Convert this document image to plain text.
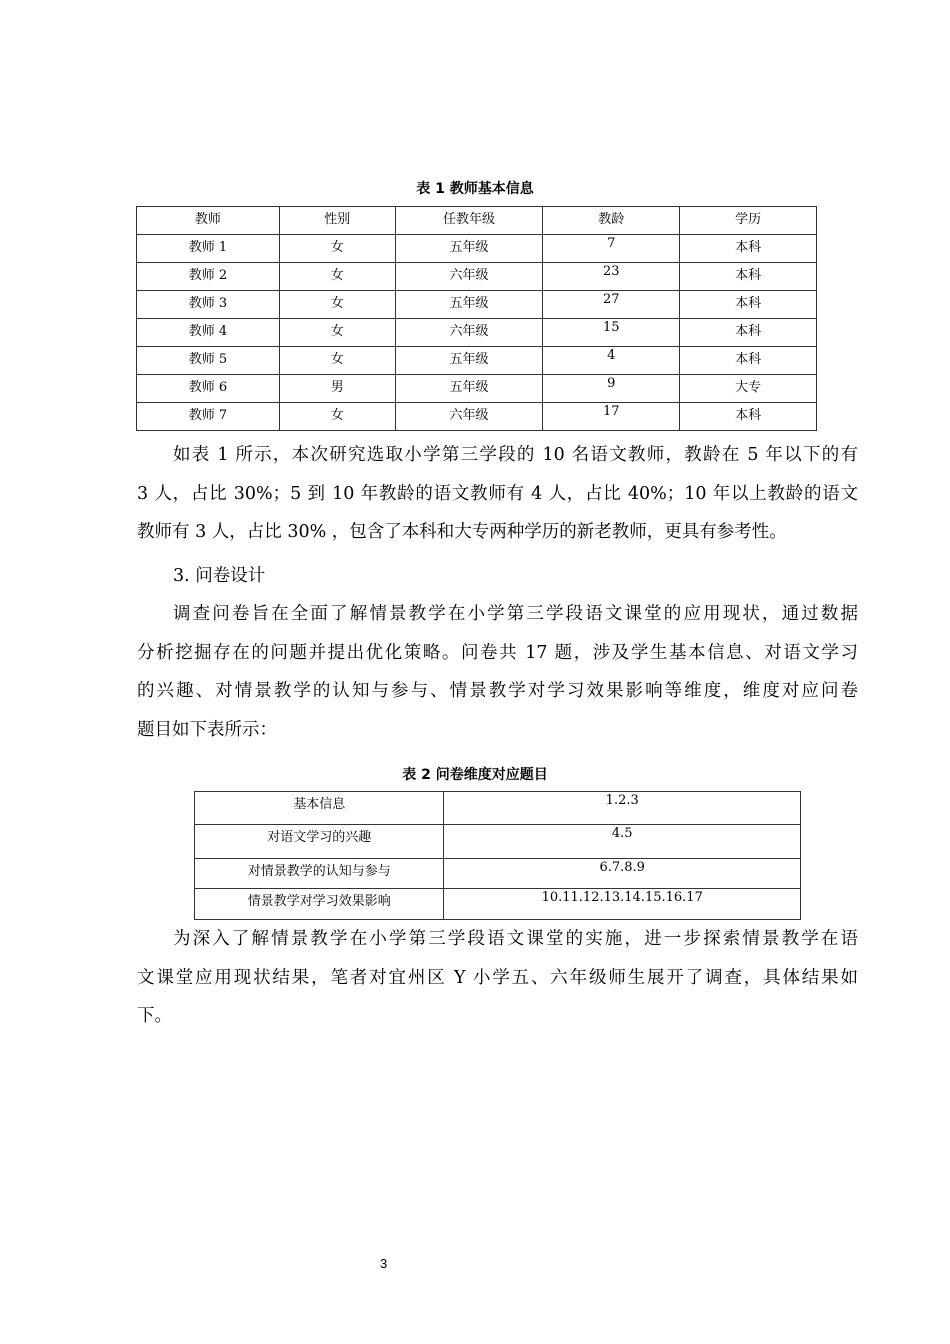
表 1 教师基本信息
教师	性别	任教年级	教龄	学历
教师 1	女	五年级	7	本科
教师 2	女	六年级	23	本科
教师 3	女	五年级	27	本科
教师 4	女	六年级	15	本科
教师 5	女	五年级	4	本科
教师 6	男	五年级	9	大专
教师 7	女	六年级	17	本科
如表 1 所示，本次研究选取小学第三学段的 10 名语文教师，教龄在 5 年以下的有
3 人，占比 30%；5 到 10 年教龄的语文教师有 4 人，占比 40%；10 年以上教龄的语文
教师有 3 人，占比 30% ，包含了本科和大专两种学历的新老教师，更具有参考性。
3. 问卷设计
调查问卷旨在全面了解情景教学在小学第三学段语文课堂的应用现状，通过数据
分析挖掘存在的问题并提出优化策略。问卷共 17 题，涉及学生基本信息、对语文学习
的兴趣、对情景教学的认知与参与、情景教学对学习效果影响等维度，维度对应问卷
题目如下表所示：
表 2 问卷维度对应题目
基本信息	1.2.3
对语文学习的兴趣	4.5
对情景教学的认知与参与	6.7.8.9
情景教学对学习效果影响	10.11.12.13.14.15.16.17
为深入了解情景教学在小学第三学段语文课堂的实施，进一步探索情景教学在语
文课堂应用现状结果，笔者对宜州区 Y 小学五、六年级师生展开了调查，具体结果如
下。
3
